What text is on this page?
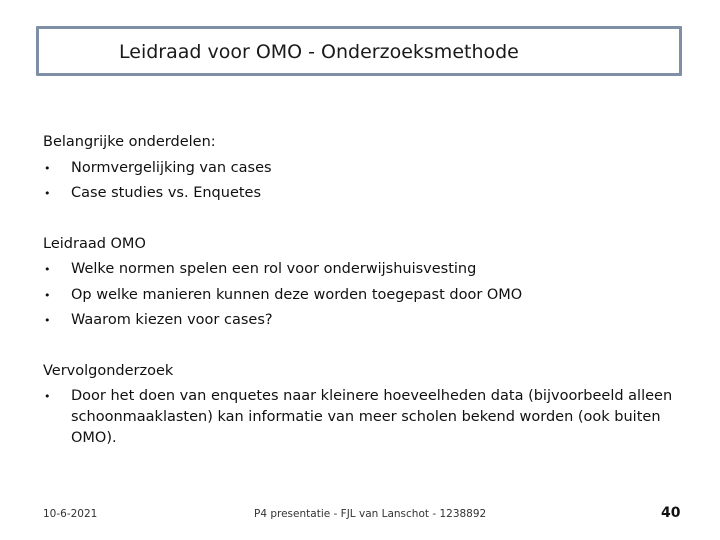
Leidraad voor OMO - Onderzoeksmethode
Belangrijke onderdelen:
•	Normvergelijking van cases
•	Case studies vs. Enquetes
Leidraad OMO
•	Welke normen spelen een rol voor onderwijshuisvesting
•	Op welke manieren kunnen deze worden toegepast door OMO
•	Waarom kiezen voor cases?
Vervolgonderzoek
•	Door het doen van enquetes naar kleinere hoeveelheden data (bijvoorbeeld alleen schoonmaaklasten) kan informatie van meer scholen bekend worden (ook buiten OMO).
10-6-2021	P4 presentatie - FJL van Lanschot - 1238892	40
